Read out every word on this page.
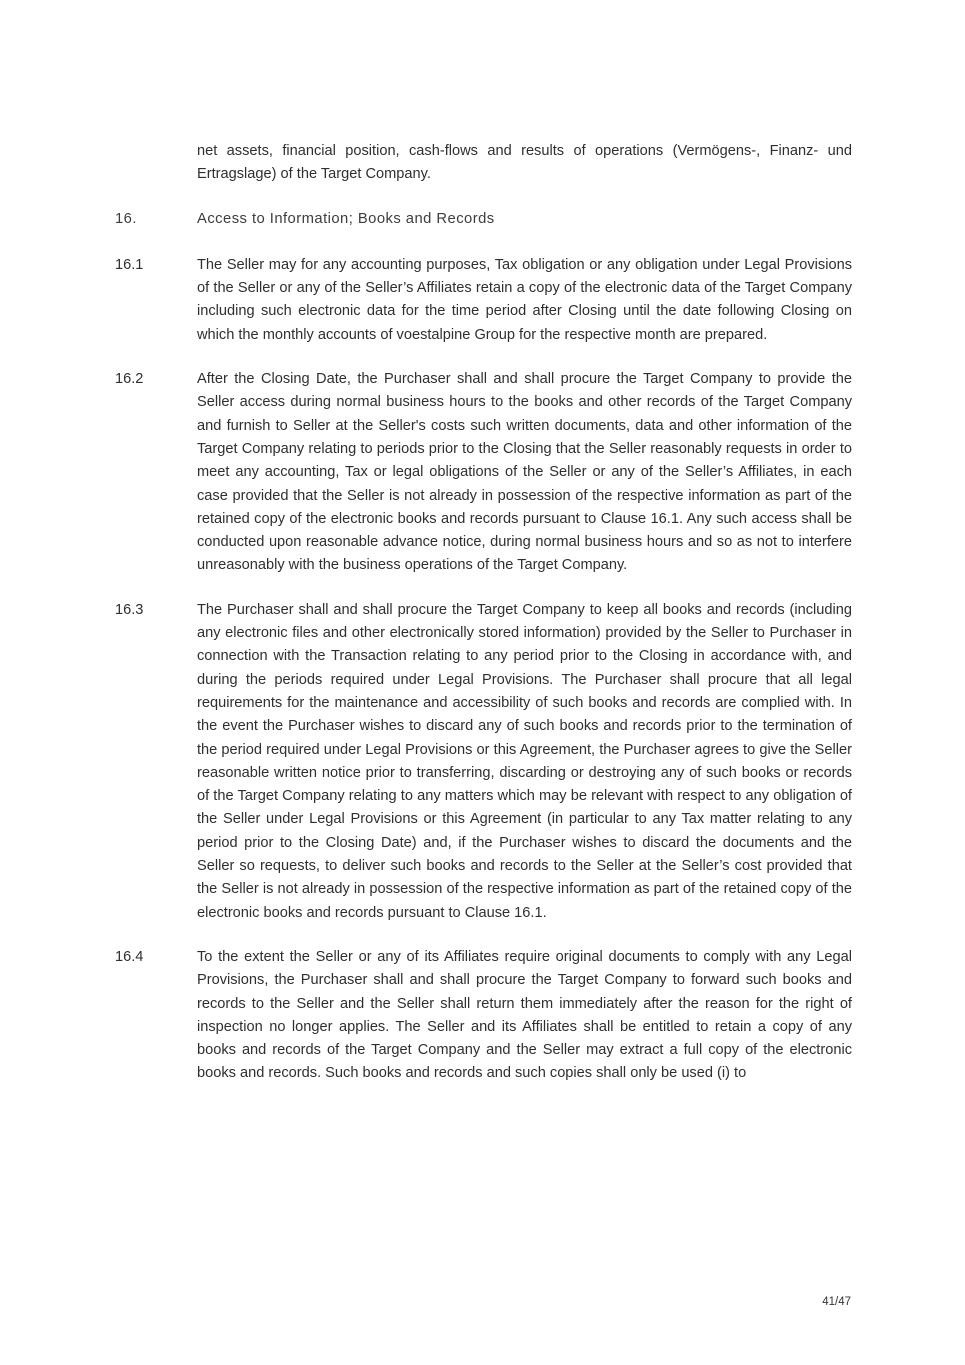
net assets, financial position, cash-flows and results of operations (Vermögens-, Finanz- und Ertragslage) of the Target Company.

16.	Access to Information; Books and Records
16.1	The Seller may for any accounting purposes, Tax obligation or any obligation under Legal Provisions of the Seller or any of the Seller’s Affiliates retain a copy of the electronic data of the Target Company including such electronic data for the time period after Closing until the date following Closing on which the monthly accounts of voestalpine Group for the respective month are prepared.

16.2	After the Closing Date, the Purchaser shall and shall procure the Target Company to provide the Seller access during normal business hours to the books and other records of the Target Company and furnish to Seller at the Seller's costs such written documents, data and other information of the Target Company relating to periods prior to the Closing that the Seller reasonably requests in order to meet any accounting, Tax or legal obligations of the Seller or any of the Seller’s Affiliates, in each case provided that the Seller is not already in possession of the respective information as part of the retained copy of the electronic books and records pursuant to Clause 16.1. Any such access shall be conducted upon reasonable advance notice, during normal business hours and so as not to interfere unreasonably with the business operations of the Target Company.

16.3	The Purchaser shall and shall procure the Target Company to keep all books and records (including any electronic files and other electronically stored information) provided by the Seller to Purchaser in connection with the Transaction relating to any period prior to the Closing in accordance with, and during the periods required under Legal Provisions. The Purchaser shall procure that all legal requirements for the maintenance and accessibility of such books and records are complied with. In the event the Purchaser wishes to discard any of such books and records prior to the termination of the period required under Legal Provisions or this Agreement, the Purchaser agrees to give the Seller reasonable written notice prior to transferring, discarding or destroying any of such books or records of the Target Company relating to any matters which may be relevant with respect to any obligation of the Seller under Legal Provisions or this Agreement (in particular to any Tax matter relating to any period prior to the Closing Date) and, if the Purchaser wishes to discard the documents and the Seller so requests, to deliver such books and records to the Seller at the Seller’s cost provided that the Seller is not already in possession of the respective information as part of the retained copy of the electronic books and records pursuant to Clause 16.1.

16.4	To the extent the Seller or any of its Affiliates require original documents to comply with any Legal Provisions, the Purchaser shall and shall procure the Target Company to forward such books and records to the Seller and the Seller shall return them immediately after the reason for the right of inspection no longer applies. The Seller and its Affiliates shall be entitled to retain a copy of any books and records of the Target Company and the Seller may extract a full copy of the electronic books and records. Such books and records and such copies shall only be used (i) to

41/47
